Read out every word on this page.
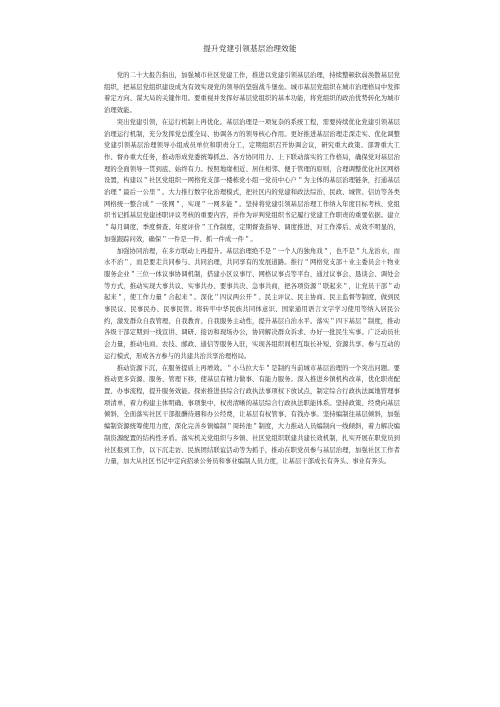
提升党建引领基层治理效能

党的二十大报告指出，加强城市社区党建工作，推进以党建引领基层治理，持续整顿软弱涣散基层党组织，把基层党组织建设成为有效实现党的领导的坚强战斗堡垒。城市基层党组织在城市治理格局中发挥着定方向、谋大局的关键作用。要重视并发挥好基层党组织的基本功能，将党组织的政治优势转化为城市治理效能。

突出党建引领，在运行机制上再优化。基层治理是一项复杂的系统工程，需要持续优化党建引领基层治理运行机制，充分发挥党总揽全局、协调各方的领导核心作用。更好推进基层治理走深走实、优化调整党建引领基层治理领导小组成员单位和职责分工，定期组织召开协调会议，研究重大政策、部署重大工作、督办重大任务，推动形成党委统筹抓总、各方协同用力、上下联动落实的工作格局，确保党对基层治理的全面领导一贯到底、始终有力。按照地缘相近、居住相邻、便于管理的原则，合理调整优化社区网格设置，构建以＂社区党组织一网格党支部一楼栋党小组一党员中心户＂为主体的基层治理链条，打通基层治理＂最后一公里＂。大力推行数字化治理模式，把社区内的党建和政法综治、民政、城管、信访等各类网格统一整合成＂一张网＂，实现＂一网多能＂。坚持将党建引领基层治理工作纳入年度目标考核、党组织书记抓基层党建述职评议考核的重要内容，并作为评判党组织书记履行党建工作职责的重要依据。建立＂每月调度、季度督查、年度评价＂工作制度，定期督查指导、调度推进，对工作滞后、成效不明显的，加强跟踪问效，确保＂一件是一件、抓一件成一件＂。

加强协同治理，在多方联动上再提升。基层治理绝不是＂一个人的独角戏＂，也不是＂九龙治水，而水不治＂，而是要走共同参与、共同治理，共同享有的发展道路。推行＂网格党支部＋业主委员会＋物业服务企业＂三位一体议事协调机制，搭建小区议事厅、网格议事点等平台，通过议事会、恳谈会、调处会等方式，推动实现大事共议、实事共办、要事共决、急事共商，把各项资源＂联起来＂，让党员干部＂动起来＂，使工作力量＂合起来＂。深化＂四议两公开＂、民主评议、民主协商、民主监督等制度，做到民事民议、民事民办、民事民管。将转牢中华民族共同体意识、国家通用语言文字学习使用等纳入居民公约，激发群众自我管理、自我教育、自我服务主动性，提升基层自治水平。落实＂四下基层＂制度，推动各级干部定期到一线宣讲、调研、接访和现场办公，协同解决群众诉求、办好一批民生实事。广泛动员社会力量，推动电商、农技、邮政、通信等服务入驻，实现各组织间相互取长补短、资源共享、参与互动的运行模式，形成各方参与的共建共治共享治理格局。

推动资源下沉，在服务提质上再增效。＂小马拉大车＂是制约当前城市基层治理的一个突出问题。要推动更多资源、服务、管理下移，使基层有精力做事、有能力服务。深入推进乡镇机构改革，优化职责配置、办事流程，提升服务效能。探索推进县综合行政执法事项权下放试点，制定综合行政执法属地管理事项清单，着力构建主体明确、事项集中、权责清晰的基层综合行政执法职能体系。坚持政策、经费向基层倾斜，全面落实社区干部报酬待遇和办公经费，让基层有权管事、有钱办事。坚持编制往基层倾斜，加强编制资源统筹使用力度，深化完善乡镇编制＂周转池＂制度，大力推动人员编制向一线倾斜，着力解决编制资源配置的结构性矛盾。落实机关党组织与乡镇、社区党组织联建共建长效机制，扎实开展在职党员到社区报到工作，以下沉走访、民族团结联谊活动等为抓手，推动在职党员参与基层治理，加强社区工作者力量，加大从社区书记中定向招录公务员和事业编制人员力度，让基层干部成长有奔头、事业有奔头。
